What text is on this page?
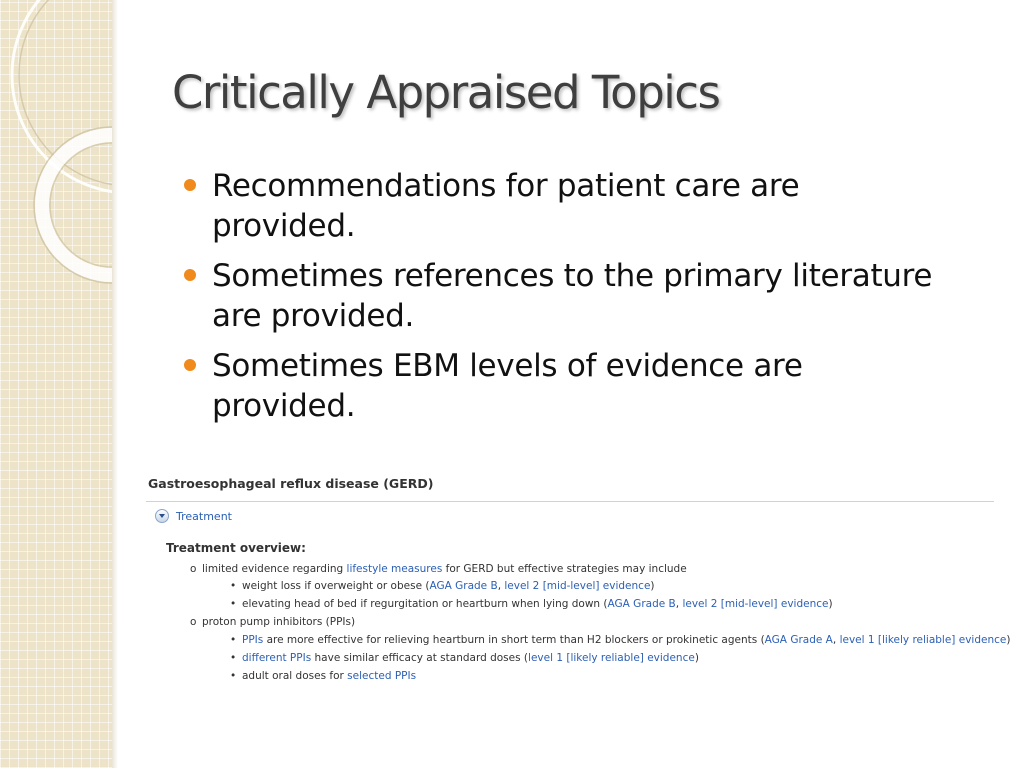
Critically Appraised Topics
Recommendations for patient care are provided.
Sometimes references to the primary literature are provided.
Sometimes EBM levels of evidence are provided.
Gastroesophageal reflux disease (GERD)
Treatment
Treatment overview:
o limited evidence regarding lifestyle measures for GERD but effective strategies may include
• weight loss if overweight or obese (AGA Grade B, level 2 [mid-level] evidence)
• elevating head of bed if regurgitation or heartburn when lying down (AGA Grade B, level 2 [mid-level] evidence)
o proton pump inhibitors (PPIs)
• PPIs are more effective for relieving heartburn in short term than H2 blockers or prokinetic agents (AGA Grade A, level 1 [likely reliable] evidence)
• different PPIs have similar efficacy at standard doses (level 1 [likely reliable] evidence)
• adult oral doses for selected PPIs
